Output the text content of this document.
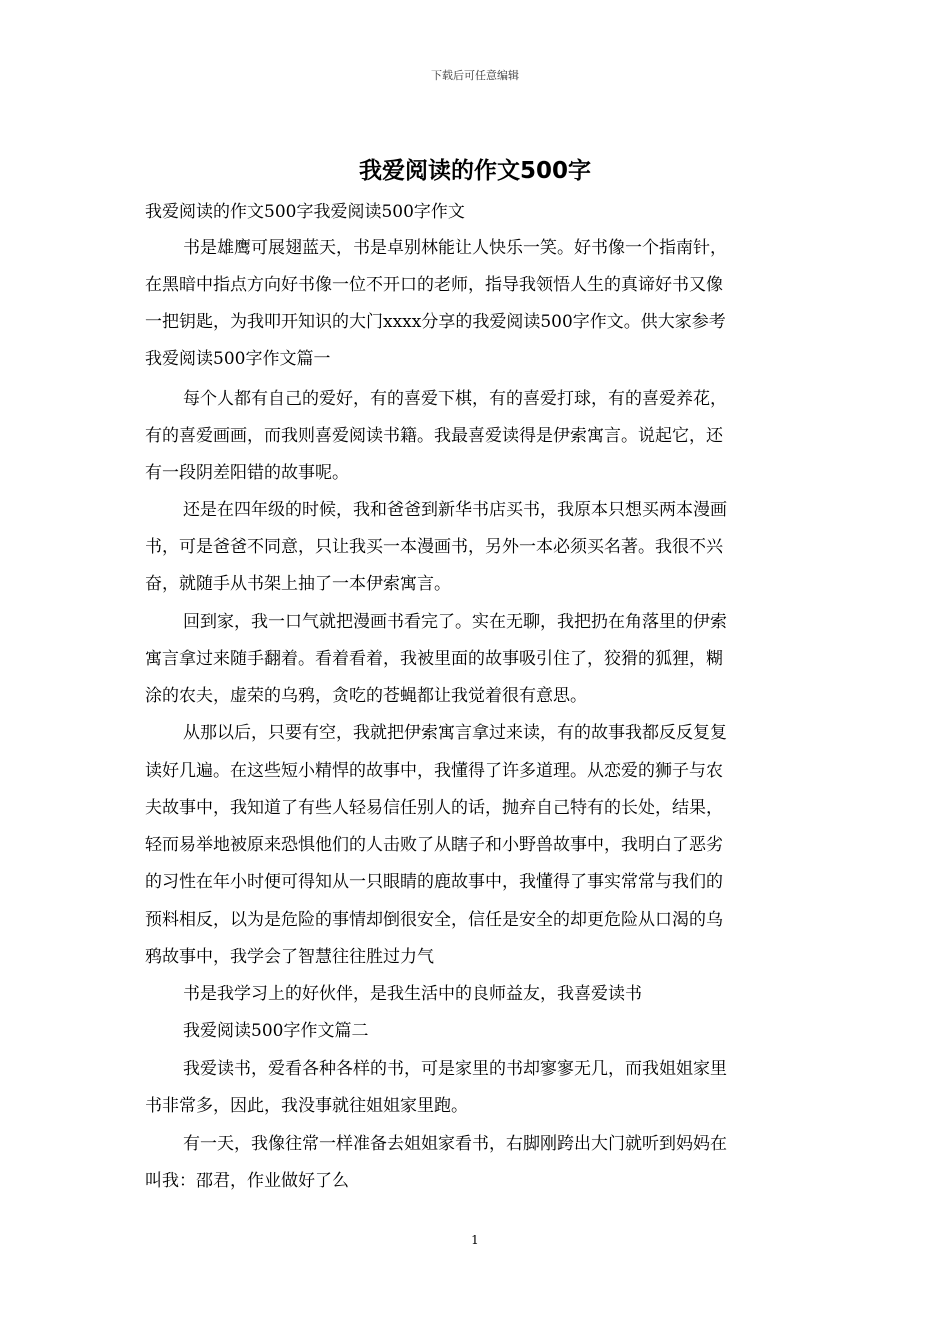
下载后可任意编辑
我爱阅读的作文500字
我爱阅读的作文500字我爱阅读500字作文
书是雄鹰可展翅蓝天，书是卓别林能让人快乐一笑。好书像一个指南针，
在黑暗中指点方向好书像一位不开口的老师，指导我领悟人生的真谛好书又像
一把钥匙，为我叩开知识的大门xxxx分享的我爱阅读500字作文。供大家参考
我爱阅读500字作文篇一
每个人都有自己的爱好，有的喜爱下棋，有的喜爱打球，有的喜爱养花，
有的喜爱画画，而我则喜爱阅读书籍。我最喜爱读得是伊索寓言。说起它，还
有一段阴差阳错的故事呢。
还是在四年级的时候，我和爸爸到新华书店买书，我原本只想买两本漫画
书，可是爸爸不同意，只让我买一本漫画书，另外一本必须买名著。我很不兴
奋，就随手从书架上抽了一本伊索寓言。
回到家，我一口气就把漫画书看完了。实在无聊，我把扔在角落里的伊索
寓言拿过来随手翻着。看着看着，我被里面的故事吸引住了，狡猾的狐狸，糊
涂的农夫，虚荣的乌鸦，贪吃的苍蝇都让我觉着很有意思。
从那以后，只要有空，我就把伊索寓言拿过来读，有的故事我都反反复复
读好几遍。在这些短小精悍的故事中，我懂得了许多道理。从恋爱的狮子与农
夫故事中，我知道了有些人轻易信任别人的话，抛弃自己特有的长处，结果，
轻而易举地被原来恐惧他们的人击败了从瞎子和小野兽故事中，我明白了恶劣
的习性在年小时便可得知从一只眼睛的鹿故事中，我懂得了事实常常与我们的
预料相反，以为是危险的事情却倒很安全，信任是安全的却更危险从口渴的乌
鸦故事中，我学会了智慧往往胜过力气
书是我学习上的好伙伴，是我生活中的良师益友，我喜爱读书
我爱阅读500字作文篇二
我爱读书，爱看各种各样的书，可是家里的书却寥寥无几，而我姐姐家里
书非常多，因此，我没事就往姐姐家里跑。
有一天，我像往常一样准备去姐姐家看书，右脚刚跨出大门就听到妈妈在
叫我：邵君，作业做好了么
1
